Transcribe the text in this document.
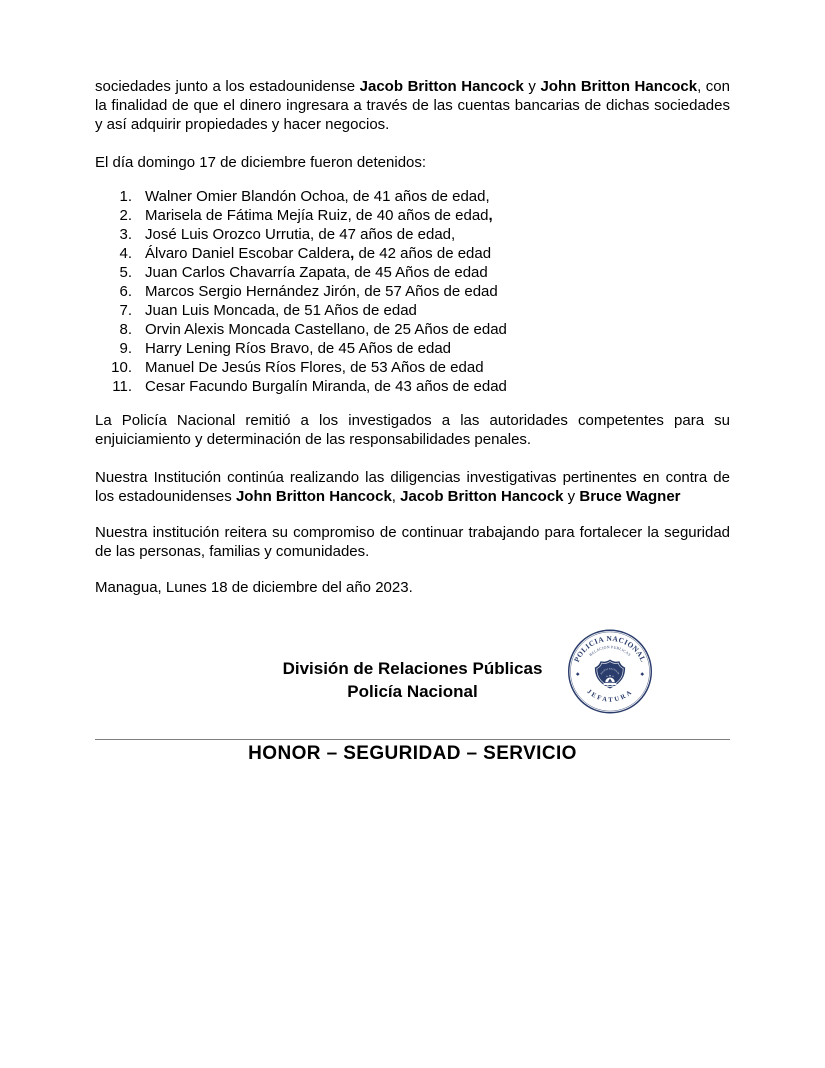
sociedades junto a los estadounidense Jacob Britton Hancock y John Britton Hancock, con la finalidad de que el dinero ingresara a través de las cuentas bancarias de dichas sociedades y así adquirir propiedades y hacer negocios.

El día domingo 17 de diciembre fueron detenidos:

1. Walner Omier Blandón Ochoa, de 41 años de edad,
2. Marisela de Fátima Mejía Ruiz, de 40 años de edad,
3. José Luis Orozco Urrutia, de 47 años de edad,
4. Álvaro Daniel Escobar Caldera, de 42 años de edad
5. Juan Carlos Chavarría Zapata, de 45 Años de edad
6. Marcos Sergio Hernández Jirón, de 57 Años de edad
7. Juan Luis Moncada, de 51 Años de edad
8. Orvin Alexis Moncada Castellano, de 25 Años de edad
9. Harry Lening Ríos Bravo, de 45 Años de edad
10. Manuel De Jesús Ríos Flores, de 53 Años de edad
11. Cesar Facundo Burgalín Miranda, de 43 años de edad

La Policía Nacional remitió a los investigados a las autoridades competentes para su enjuiciamiento y determinación de las responsabilidades penales.

Nuestra Institución continúa realizando las diligencias investigativas pertinentes en contra de los estadounidenses John Britton Hancock, Jacob Britton Hancock y Bruce Wagner

Nuestra institución reitera su compromiso de continuar trabajando para fortalecer la seguridad de las personas, familias y comunidades.

Managua, Lunes 18 de diciembre del año 2023.

División de Relaciones Públicas
Policía Nacional
POLICIA NACIONAL
RELACION PUBLICAS
JEFATURA
POLICIA NACIONAL
HONOR – SEGURIDAD – SERVICIO
